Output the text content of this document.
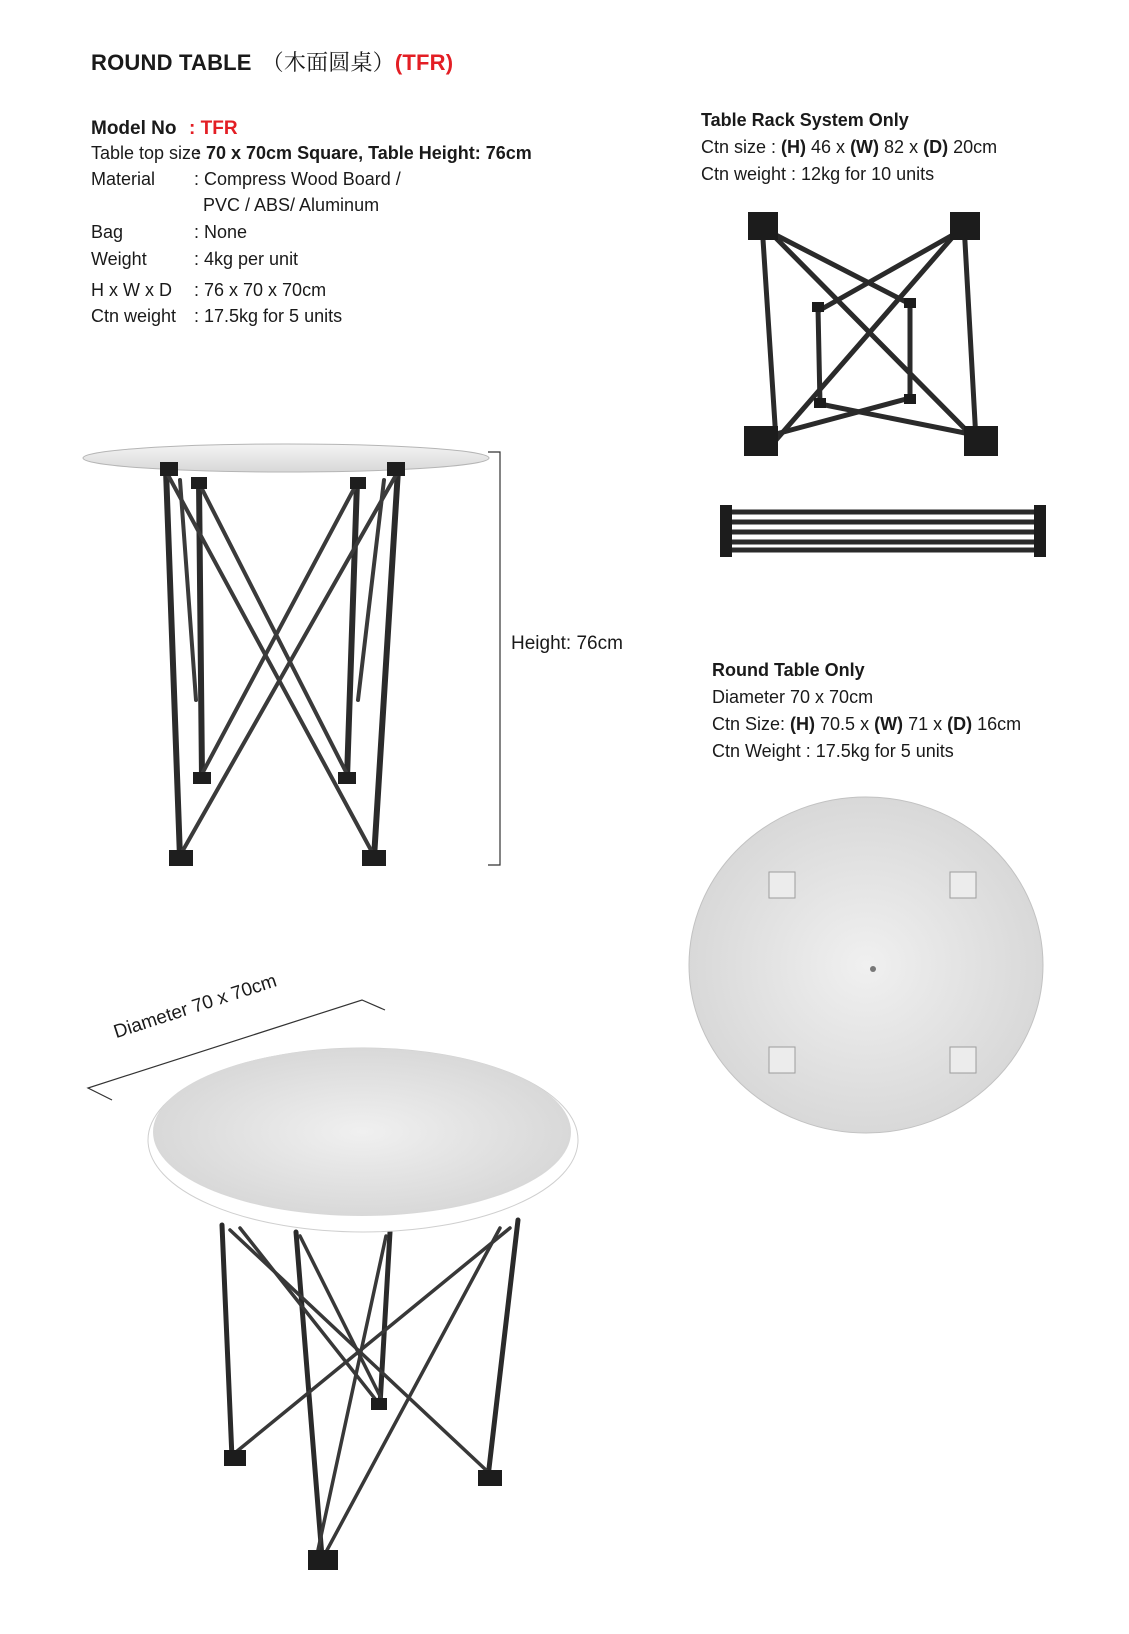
ROUND TABLE （木面圆桌）(TFR)
Model No : TFR
Table top size
: 70 x 70cm Square, Table Height: 76cm
Material : Compress Wood Board /
PVC / ABS/ Aluminum
Bag	: None
Weight	: 4kg per unit
H x W x D : 76 x 70 x 70cm
Ctn weight : 17.5kg for 5 units
Table Rack System Only
Ctn size : (H) 46 x (W) 82 x (D) 20cm
Ctn weight : 12kg for 10 units
Round Table Only
Diameter 70 x 70cm
Ctn Size: (H) 70.5 x (W) 71 x (D) 16cm
Ctn Weight : 17.5kg for 5 units
Height: 76cm
Diameter 70 x 70cm
